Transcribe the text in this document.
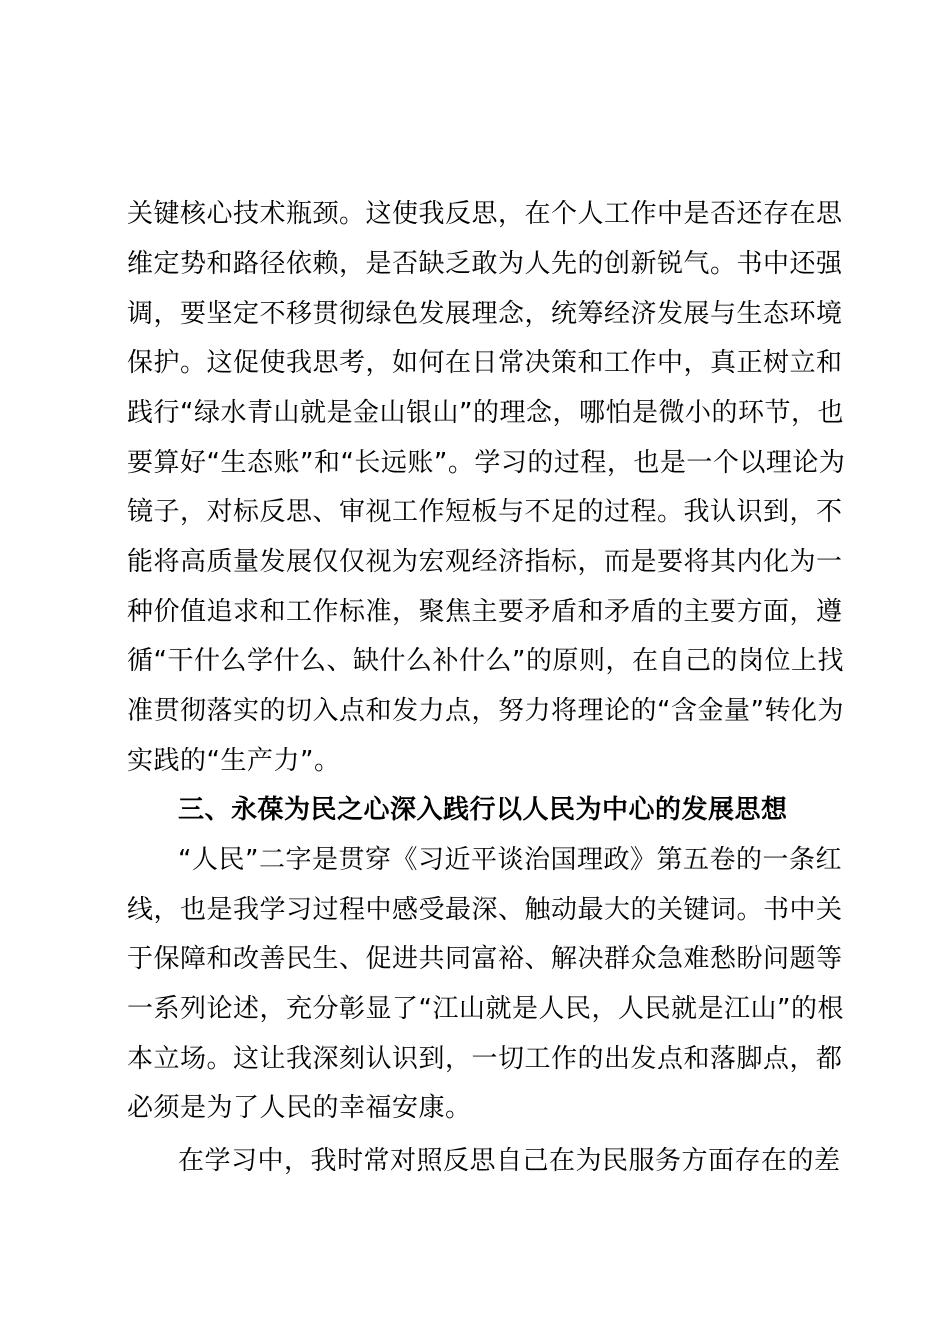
关键核心技术瓶颈。这使我反思，在个人工作中是否还存在思
维定势和路径依赖，是否缺乏敢为人先的创新锐气。书中还强
调，要坚定不移贯彻绿色发展理念，统筹经济发展与生态环境
保护。这促使我思考，如何在日常决策和工作中，真正树立和
践行“绿水青山就是金山银山”的理念，哪怕是微小的环节，也
要算好“生态账”和“长远账”。学习的过程，也是一个以理论为
镜子，对标反思、审视工作短板与不足的过程。我认识到，不
能将高质量发展仅仅视为宏观经济指标，而是要将其内化为一
种价值追求和工作标准，聚焦主要矛盾和矛盾的主要方面，遵
循“干什么学什么、缺什么补什么”的原则，在自己的岗位上找
准贯彻落实的切入点和发力点，努力将理论的“含金量”转化为
实践的“生产力”。
三、永葆为民之心深入践行以人民为中心的发展思想
“人民”二字是贯穿《习近平谈治国理政》第五卷的一条红
线，也是我学习过程中感受最深、触动最大的关键词。书中关
于保障和改善民生、促进共同富裕、解决群众急难愁盼问题等
一系列论述，充分彰显了“江山就是人民，人民就是江山”的根
本立场。这让我深刻认识到，一切工作的出发点和落脚点，都
必须是为了人民的幸福安康。
在学习中，我时常对照反思自己在为民服务方面存在的差
